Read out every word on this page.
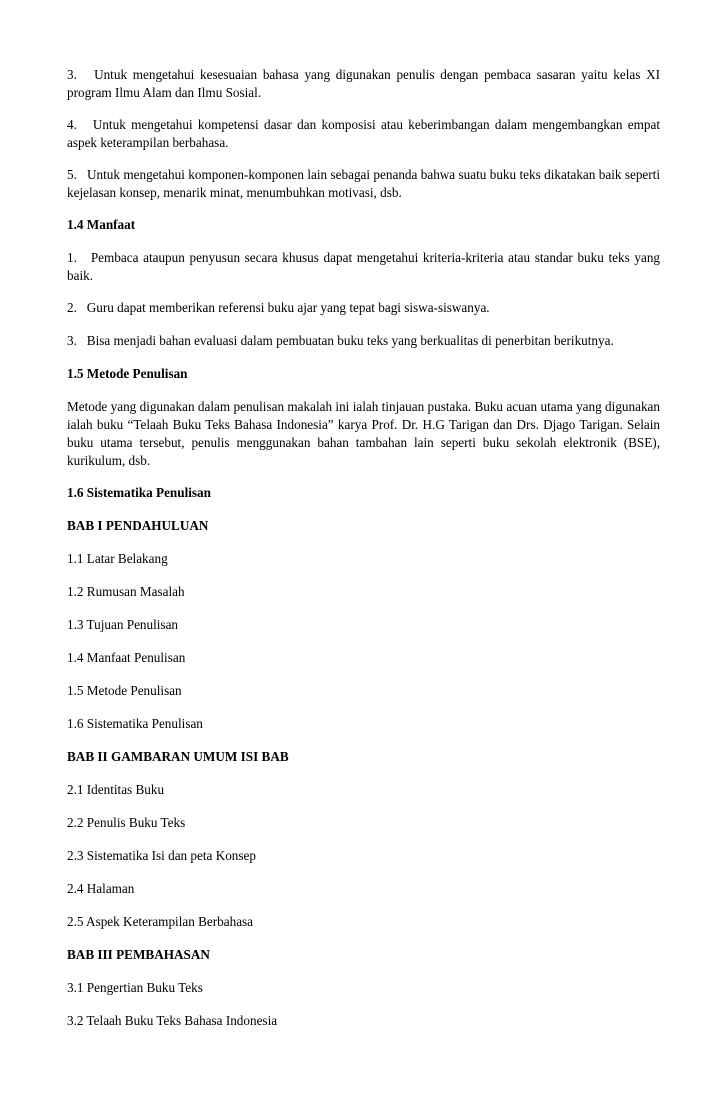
3. Untuk mengetahui kesesuaian bahasa yang digunakan penulis dengan pembaca sasaran yaitu kelas XI program Ilmu Alam dan Ilmu Sosial.

4. Untuk mengetahui kompetensi dasar dan komposisi atau keberimbangan dalam mengembangkan empat aspek keterampilan berbahasa.

5. Untuk mengetahui komponen-komponen lain sebagai penanda bahwa suatu buku teks dikatakan baik seperti kejelasan konsep, menarik minat, menumbuhkan motivasi, dsb.

1.4 Manfaat

1. Pembaca ataupun penyusun secara khusus dapat mengetahui kriteria-kriteria atau standar buku teks yang baik.

2. Guru dapat memberikan referensi buku ajar yang tepat bagi siswa-siswanya.

3. Bisa menjadi bahan evaluasi dalam pembuatan buku teks yang berkualitas di penerbitan berikutnya.

1.5 Metode Penulisan

Metode yang digunakan dalam penulisan makalah ini ialah tinjauan pustaka. Buku acuan utama yang digunakan ialah buku “Telaah Buku Teks Bahasa Indonesia” karya Prof. Dr. H.G Tarigan dan Drs. Djago Tarigan. Selain buku utama tersebut, penulis menggunakan bahan tambahan lain seperti buku sekolah elektronik (BSE), kurikulum, dsb.

1.6 Sistematika Penulisan
BAB I PENDAHULUAN
1.1 Latar Belakang
1.2 Rumusan Masalah
1.3 Tujuan Penulisan
1.4 Manfaat Penulisan
1.5 Metode Penulisan
1.6 Sistematika Penulisan
BAB II GAMBARAN UMUM ISI BAB
2.1 Identitas Buku
2.2 Penulis Buku Teks
2.3 Sistematika Isi dan peta Konsep
2.4 Halaman
2.5 Aspek Keterampilan Berbahasa
BAB III PEMBAHASAN
3.1 Pengertian Buku Teks
3.2 Telaah Buku Teks Bahasa Indonesia
